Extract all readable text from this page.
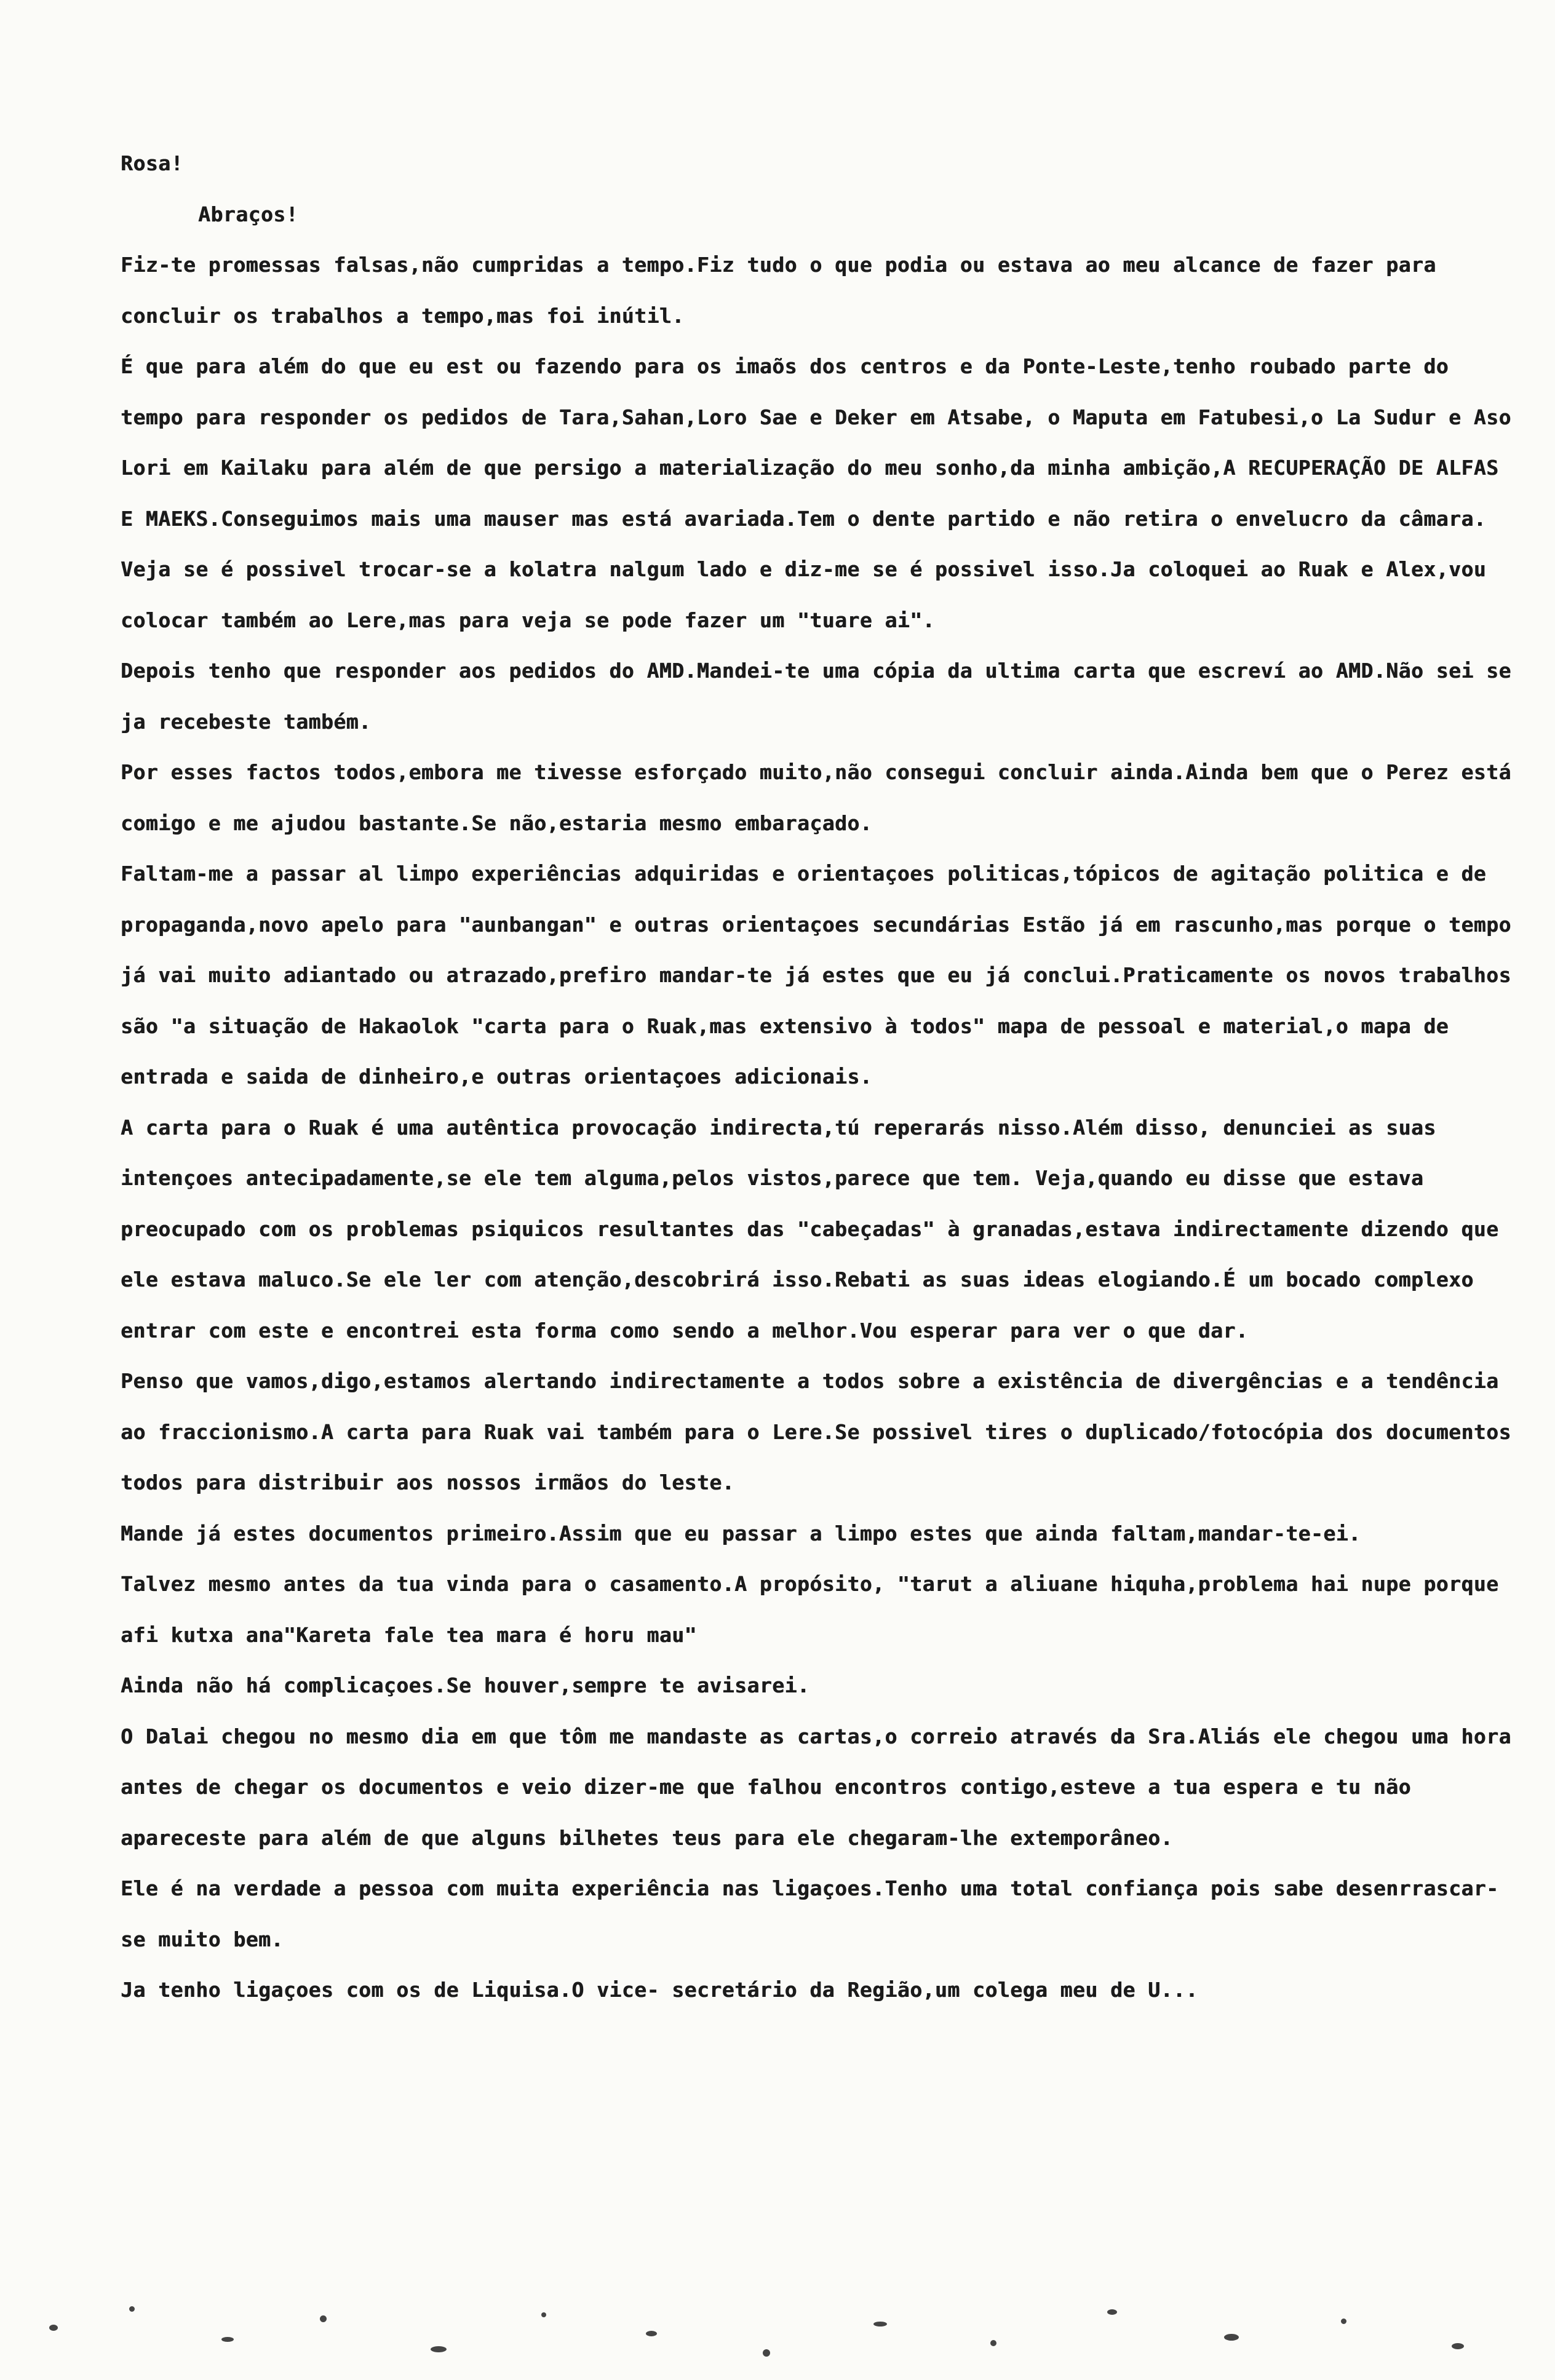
Rosa!
Abraços!

Fiz-te promessas falsas,não cumpridas a tempo.Fiz tudo o que podia ou estava ao meu alcance de fazer para concluir os trabalhos a tempo,mas foi inútil.

É que para além do que eu est ou fazendo para os imaõs dos centros e da Ponte-Leste,tenho roubado parte do tempo para responder os pedidos de Tara,Sahan,Loro Sae e Deker em Atsabe, o Maputa em Fatubesi,o La Sudur e Aso Lori em Kailaku para além de que persigo a materialização do meu sonho,da minha ambição,A RECUPERAÇÃO DE ALFAS E MAEKS.Conseguimos mais uma mauser mas está avariada.Tem o dente partido e não retira o envelucro da câmara.

Veja se é possivel trocar-se a kolatra nalgum lado e diz-me se é possivel isso.Ja coloquei ao Ruak e Alex,vou colocar também ao Lere,mas para veja se pode fazer um "tuare ai".

Depois tenho que responder aos pedidos do AMD.Mandei-te uma cópia da ultima carta que escreví ao AMD.Não sei se ja recebeste também.

Por esses factos todos,embora me tivesse esforçado muito,não consegui concluir ainda.Ainda bem que o Perez está comigo e me ajudou bastante.Se não,estaria mesmo embaraçado.

Faltam-me a passar al limpo experiências adquiridas e orientaçoes politicas,tópicos de agitação politica e de propaganda,novo apelo para "aunbangan" e outras orientaçoes secundárias Estão já em rascunho,mas porque o tempo já vai muito adiantado ou atrazado,prefiro mandar-te já estes que eu já conclui.Praticamente os novos trabalhos são "a situação de Hakaolok "carta para o Ruak,mas extensivo à todos" mapa de pessoal e material,o mapa de entrada e saida de dinheiro,e outras orientaçoes adicionais.

A carta para o Ruak é uma autêntica provocação indirecta,tú reperarás nisso.Além disso, denunciei as suas intençoes antecipadamente,se ele tem alguma,pelos vistos,parece que tem. Veja,quando eu disse que estava preocupado com os problemas psiquicos resultantes das "cabeçadas" à granadas,estava indirectamente dizendo que ele estava maluco.Se ele ler com atenção,descobrirá isso.Rebati as suas ideas elogiando.É um bocado complexo entrar com este e encontrei esta forma como sendo a melhor.Vou esperar para ver o que dar.

Penso que vamos,digo,estamos alertando indirectamente a todos sobre a existência de divergências e a tendência ao fraccionismo.A carta para Ruak vai também para o Lere.Se possivel tires o duplicado/fotocópia dos documentos todos para distribuir aos nossos irmãos do leste.

Mande já estes documentos primeiro.Assim que eu passar a limpo estes que ainda faltam,mandar-te-ei.

Talvez mesmo antes da tua vinda para o casamento.A propósito, "tarut a aliuane hiquha,problema hai nupe porque afi kutxa ana"Kareta fale tea mara é horu mau"

Ainda não há complicaçoes.Se houver,sempre te avisarei.

O Dalai chegou no mesmo dia em que tôm me mandaste as cartas,o correio através da Sra.Aliás ele chegou uma hora antes de chegar os documentos e veio dizer-me que falhou encontros contigo,esteve a tua espera e tu não apareceste para além de que alguns bilhetes teus para ele chegaram-lhe extemporâneo.

Ele é na verdade a pessoa com muita experiência nas ligaçoes.Tenho uma total confiança pois sabe desenrrascar-se muito bem.

Ja tenho ligaçoes com os de Liquisa.O vice- secretário da Região,um colega meu de U...
